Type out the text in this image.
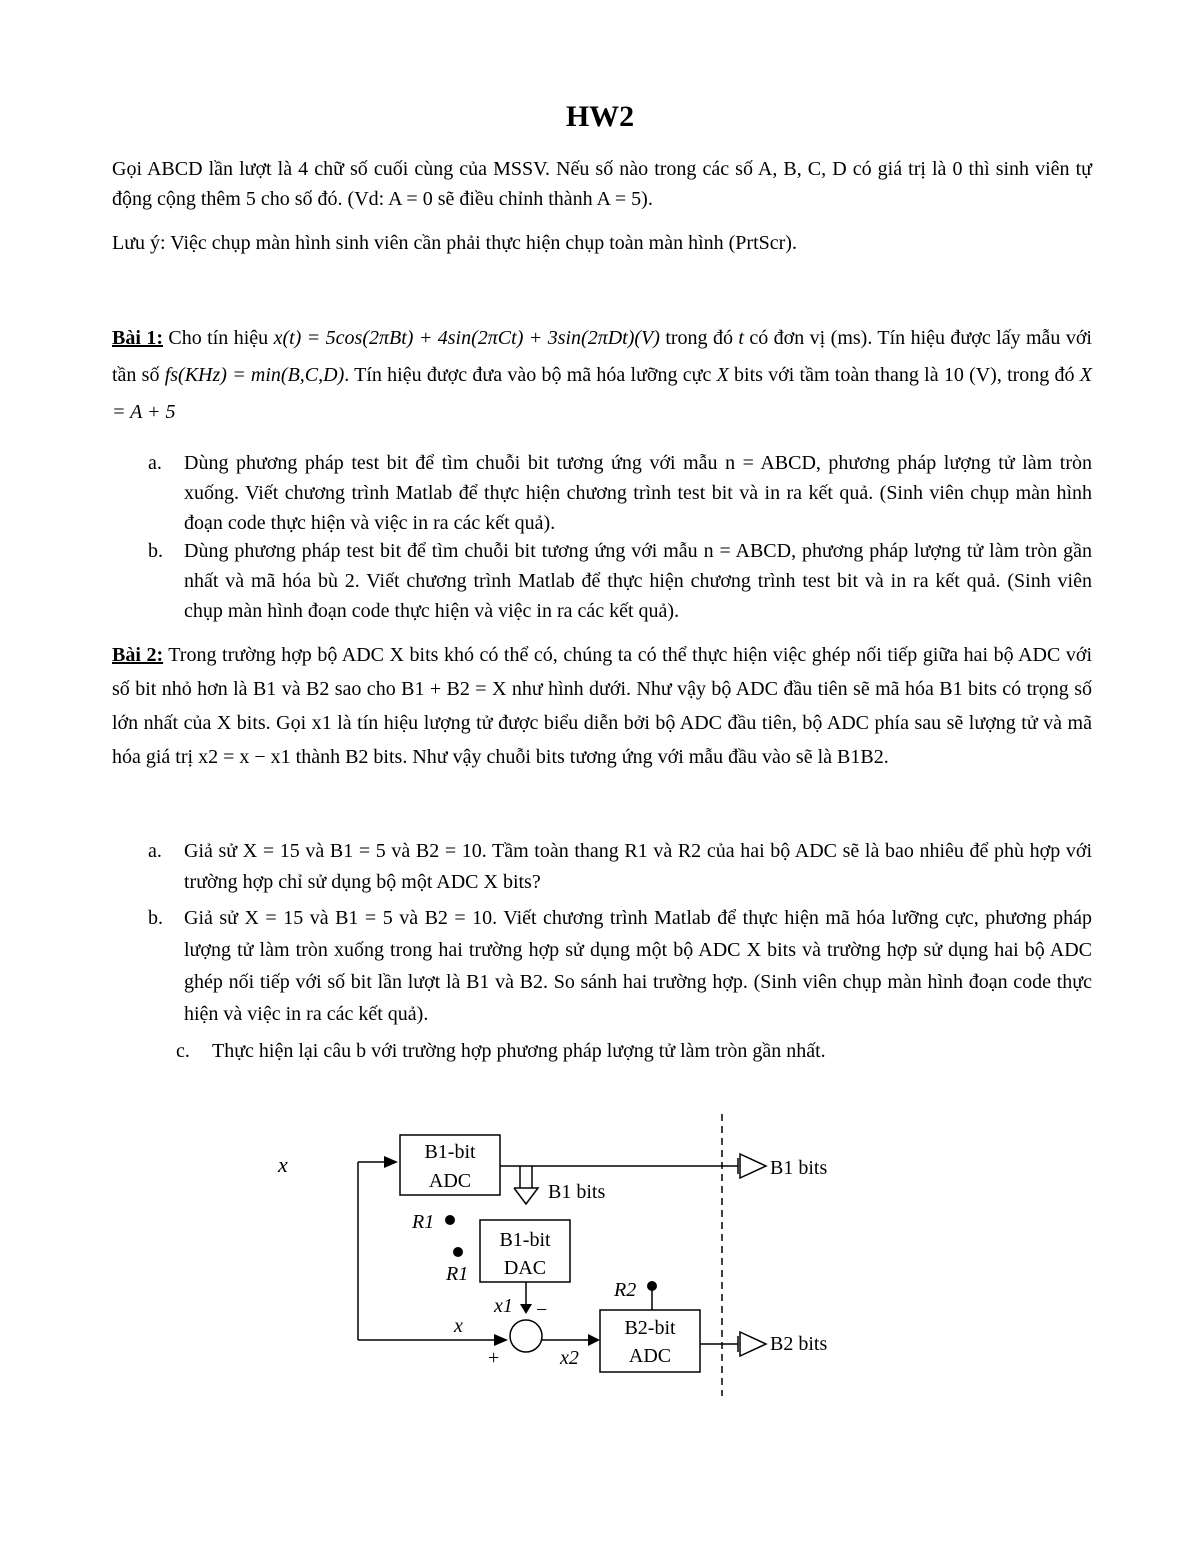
HW2
Gọi ABCD lần lượt là 4 chữ số cuối cùng của MSSV. Nếu số nào trong các số A, B, C, D có giá trị là 0 thì sinh viên tự động cộng thêm 5 cho số đó. (Vd: A = 0 sẽ điều chỉnh thành A = 5).
Lưu ý: Việc chụp màn hình sinh viên cần phải thực hiện chụp toàn màn hình (PrtScr).
Bài 1: Cho tín hiệu x(t) = 5cos(2πBt) + 4sin(2πCt) + 3sin(2πDt)(V) trong đó t có đơn vị (ms). Tín hiệu được lấy mẫu với tần số fs(KHz) = min(B,C,D). Tín hiệu được đưa vào bộ mã hóa lưỡng cực X bits với tầm toàn thang là 10 (V), trong đó X = A + 5
a. Dùng phương pháp test bit để tìm chuỗi bit tương ứng với mẫu n = ABCD, phương pháp lượng tử làm tròn xuống. Viết chương trình Matlab để thực hiện chương trình test bit và in ra kết quả. (Sinh viên chụp màn hình đoạn code thực hiện và việc in ra các kết quả).
b. Dùng phương pháp test bit để tìm chuỗi bit tương ứng với mẫu n = ABCD, phương pháp lượng tử làm tròn gần nhất và mã hóa bù 2. Viết chương trình Matlab để thực hiện chương trình test bit và in ra kết quả. (Sinh viên chụp màn hình đoạn code thực hiện và việc in ra các kết quả).
Bài 2: Trong trường hợp bộ ADC X bits khó có thể có, chúng ta có thể thực hiện việc ghép nối tiếp giữa hai bộ ADC với số bit nhỏ hơn là B1 và B2 sao cho B1 + B2 = X như hình dưới. Như vậy bộ ADC đầu tiên sẽ mã hóa B1 bits có trọng số lớn nhất của X bits. Gọi x1 là tín hiệu lượng tử được biểu diễn bởi bộ ADC đầu tiên, bộ ADC phía sau sẽ lượng tử và mã hóa giá trị x2 = x − x1 thành B2 bits. Như vậy chuỗi bits tương ứng với mẫu đầu vào sẽ là B1B2.
a. Giả sử X = 15 và B1 = 5 và B2 = 10. Tầm toàn thang R1 và R2 của hai bộ ADC sẽ là bao nhiêu để phù hợp với trường hợp chỉ sử dụng bộ một ADC X bits?
b. Giả sử X = 15 và B1 = 5 và B2 = 10. Viết chương trình Matlab để thực hiện mã hóa lưỡng cực, phương pháp lượng tử làm tròn xuống trong hai trường hợp sử dụng một bộ ADC X bits và trường hợp sử dụng hai bộ ADC ghép nối tiếp với số bit lần lượt là B1 và B2. So sánh hai trường hợp. (Sinh viên chụp màn hình đoạn code thực hiện và việc in ra các kết quả).
c. Thực hiện lại câu b với trường hợp phương pháp lượng tử làm tròn gần nhất.
x	B1-bit
ADC	B1 bits
B1 bits
R1
R1
B1-bit
DAC
x1 −
x
+	x2
R2
B2-bit
ADC
B2 bits
